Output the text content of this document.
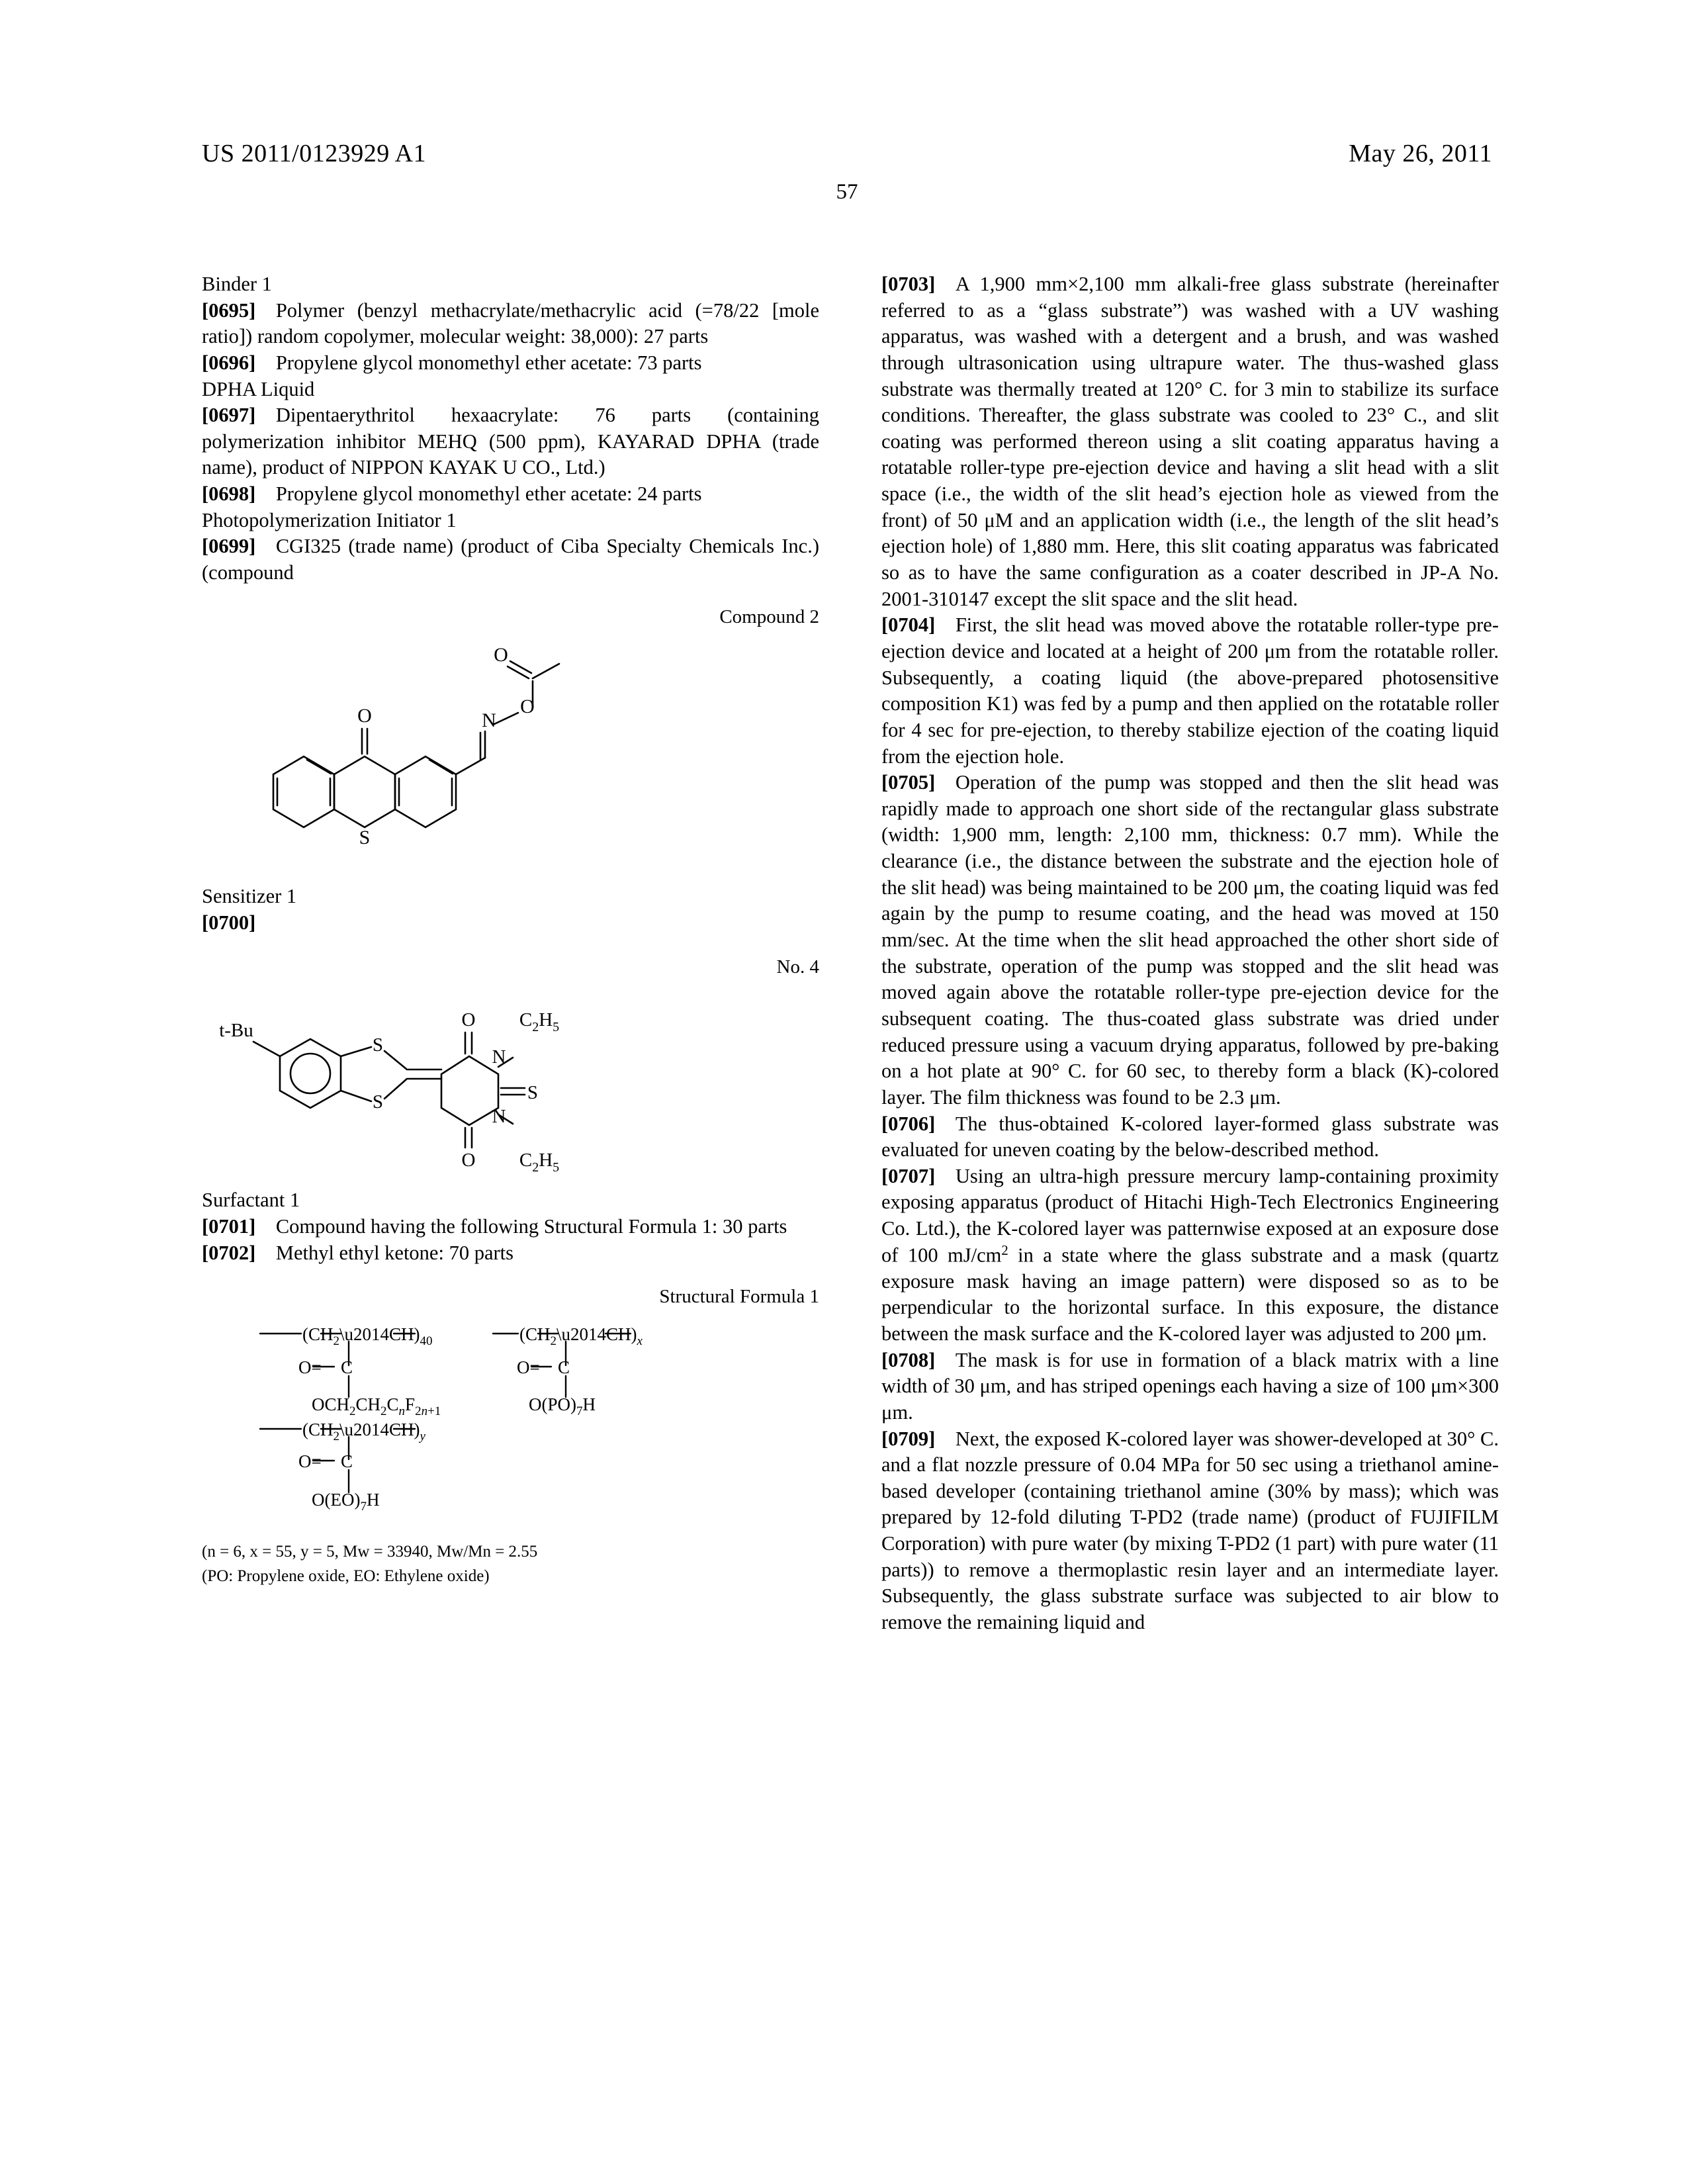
US 2011/0123929 A1	May 26, 2011
57

Binder 1

[0695] Polymer (benzyl methacrylate/methacrylic acid (=78/22 [mole ratio]) random copolymer, molecular weight: 38,000): 27 parts

[0696] Propylene glycol monomethyl ether acetate: 73 parts

DPHA Liquid

[0697] Dipentaerythritol hexaacrylate: 76 parts (containing polymerization inhibitor MEHQ (500 ppm), KAYARAD DPHA (trade name), product of NIPPON KAYAK U CO., Ltd.)

[0698] Propylene glycol monomethyl ether acetate: 24 parts

Photopolymerization Initiator 1

[0699] CGI325 (trade name) (product of Ciba Specialty Chemicals Inc.) (compound

Compound 2
O	N
O
O
S

Sensitizer 1

[0700]

No. 4
t-Bu
S
S
O
O
N
N
S
$C_2H_5$
$C_2H_5$

Surfactant 1

[0701] Compound having the following Structural Formula 1: 30 parts

[0702] Methyl ethyl ketone: 70 parts

Structural Formula 1
$(CH_2\backslash u2014CH)_{40}$
O= C
$OCH_2CH_2C_nF_2n+1$
$(CH_2\backslash u2014CH)_x$
O= C
$O(PO)_7H$
$(CH_2\backslash u2014CH)_y$
O= C
$O(EO)_7H$
(n = 6, x = 55, y = 5, Mw = 33940, Mw/Mn = 2.55
(PO: Propylene oxide, EO: Ethylene oxide)

[0703] A 1,900 mm×2,100 mm alkali-free glass substrate (hereinafter referred to as a “glass substrate”) was washed with a UV washing apparatus, was washed with a detergent and a brush, and was washed through ultrasonication using ultrapure water. The thus-washed glass substrate was thermally treated at 120° C. for 3 min to stabilize its surface conditions. Thereafter, the glass substrate was cooled to 23° C., and slit coating was performed thereon using a slit coating apparatus having a rotatable roller-type pre-ejection device and having a slit head with a slit space (i.e., the width of the slit head’s ejection hole as viewed from the front) of 50 μM and an application width (i.e., the length of the slit head’s ejection hole) of 1,880 mm. Here, this slit coating apparatus was fabricated so as to have the same configuration as a coater described in JP-A No. 2001-310147 except the slit space and the slit head.

[0704] First, the slit head was moved above the rotatable roller-type pre-ejection device and located at a height of 200 μm from the rotatable roller. Subsequently, a coating liquid (the above-prepared photosensitive composition K1) was fed by a pump and then applied on the rotatable roller for 4 sec for pre-ejection, to thereby stabilize ejection of the coating liquid from the ejection hole.

[0705] Operation of the pump was stopped and then the slit head was rapidly made to approach one short side of the rectangular glass substrate (width: 1,900 mm, length: 2,100 mm, thickness: 0.7 mm). While the clearance (i.e., the distance between the substrate and the ejection hole of the slit head) was being maintained to be 200 μm, the coating liquid was fed again by the pump to resume coating, and the head was moved at 150 mm/sec. At the time when the slit head approached the other short side of the substrate, operation of the pump was stopped and the slit head was moved again above the rotatable roller-type pre-ejection device for the subsequent coating. The thus-coated glass substrate was dried under reduced pressure using a vacuum drying apparatus, followed by pre-baking on a hot plate at 90° C. for 60 sec, to thereby form a black (K)-colored layer. The film thickness was found to be 2.3 μm.

[0706] The thus-obtained K-colored layer-formed glass substrate was evaluated for uneven coating by the below-described method.

[0707] Using an ultra-high pressure mercury lamp-containing proximity exposing apparatus (product of Hitachi High-Tech Electronics Engineering Co. Ltd.), the K-colored layer was patternwise exposed at an exposure dose of 100 $mJ/cm^2$ in a state where the glass substrate and a mask (quartz exposure mask having an image pattern) were disposed so as to be perpendicular to the horizontal surface. In this exposure, the distance between the mask surface and the K-colored layer was adjusted to 200 μm.

[0708] The mask is for use in formation of a black matrix with a line width of 30 μm, and has striped openings each having a size of 100 μm×300 μm.

[0709] Next, the exposed K-colored layer was shower-developed at 30° C. and a flat nozzle pressure of 0.04 MPa for 50 sec using a triethanol amine-based developer (containing triethanol amine (30% by mass); which was prepared by 12-fold diluting T-PD2 (trade name) (product of FUJIFILM Corporation) with pure water (by mixing T-PD2 (1 part) with pure water (11 parts)) to remove a thermoplastic resin layer and an intermediate layer. Subsequently, the glass substrate surface was subjected to air blow to remove the remaining liquid and
